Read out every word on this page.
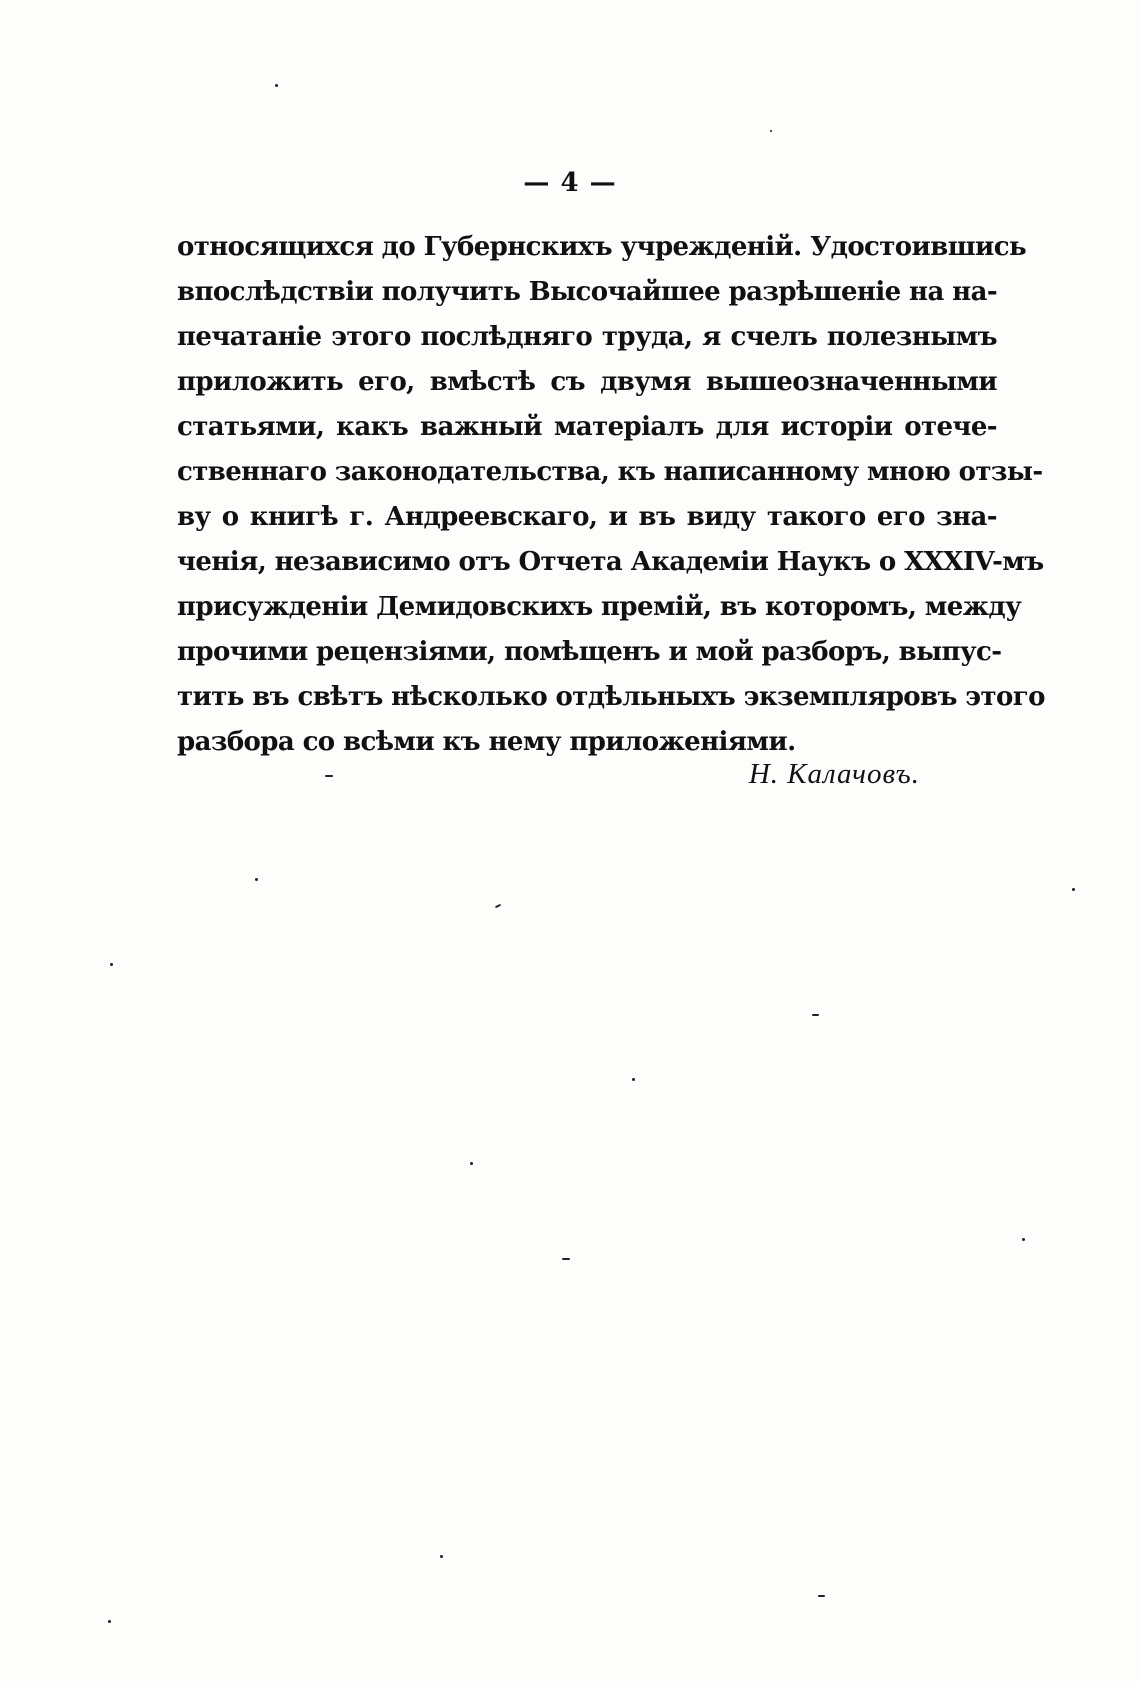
— 4 —
относящихся до Губернскихъ учрежденій. Удостоившись
впослѣдствіи получить Высочайшее разрѣшеніе на на-
печатаніе этого послѣдняго труда, я счелъ полезнымъ
приложить его, вмѣстѣ съ двумя вышеозначенными
статьями, какъ важный матеріалъ для исторіи отече-
ственнаго законодательства, къ написанному мною отзы-
ву о книгѣ г. Андреевскаго, и въ виду такого его зна-
ченія, независимо отъ Отчета Академіи Наукъ о XXXIV-мъ
присужденіи Демидовскихъ премій, въ которомъ, между
прочими рецензіями, помѣщенъ и мой разборъ, выпус-
тить въ свѣтъ нѣсколько отдѣльныхъ экземпляровъ этого
разбора со всѣми къ нему приложеніями.
Н. Калачовъ.
